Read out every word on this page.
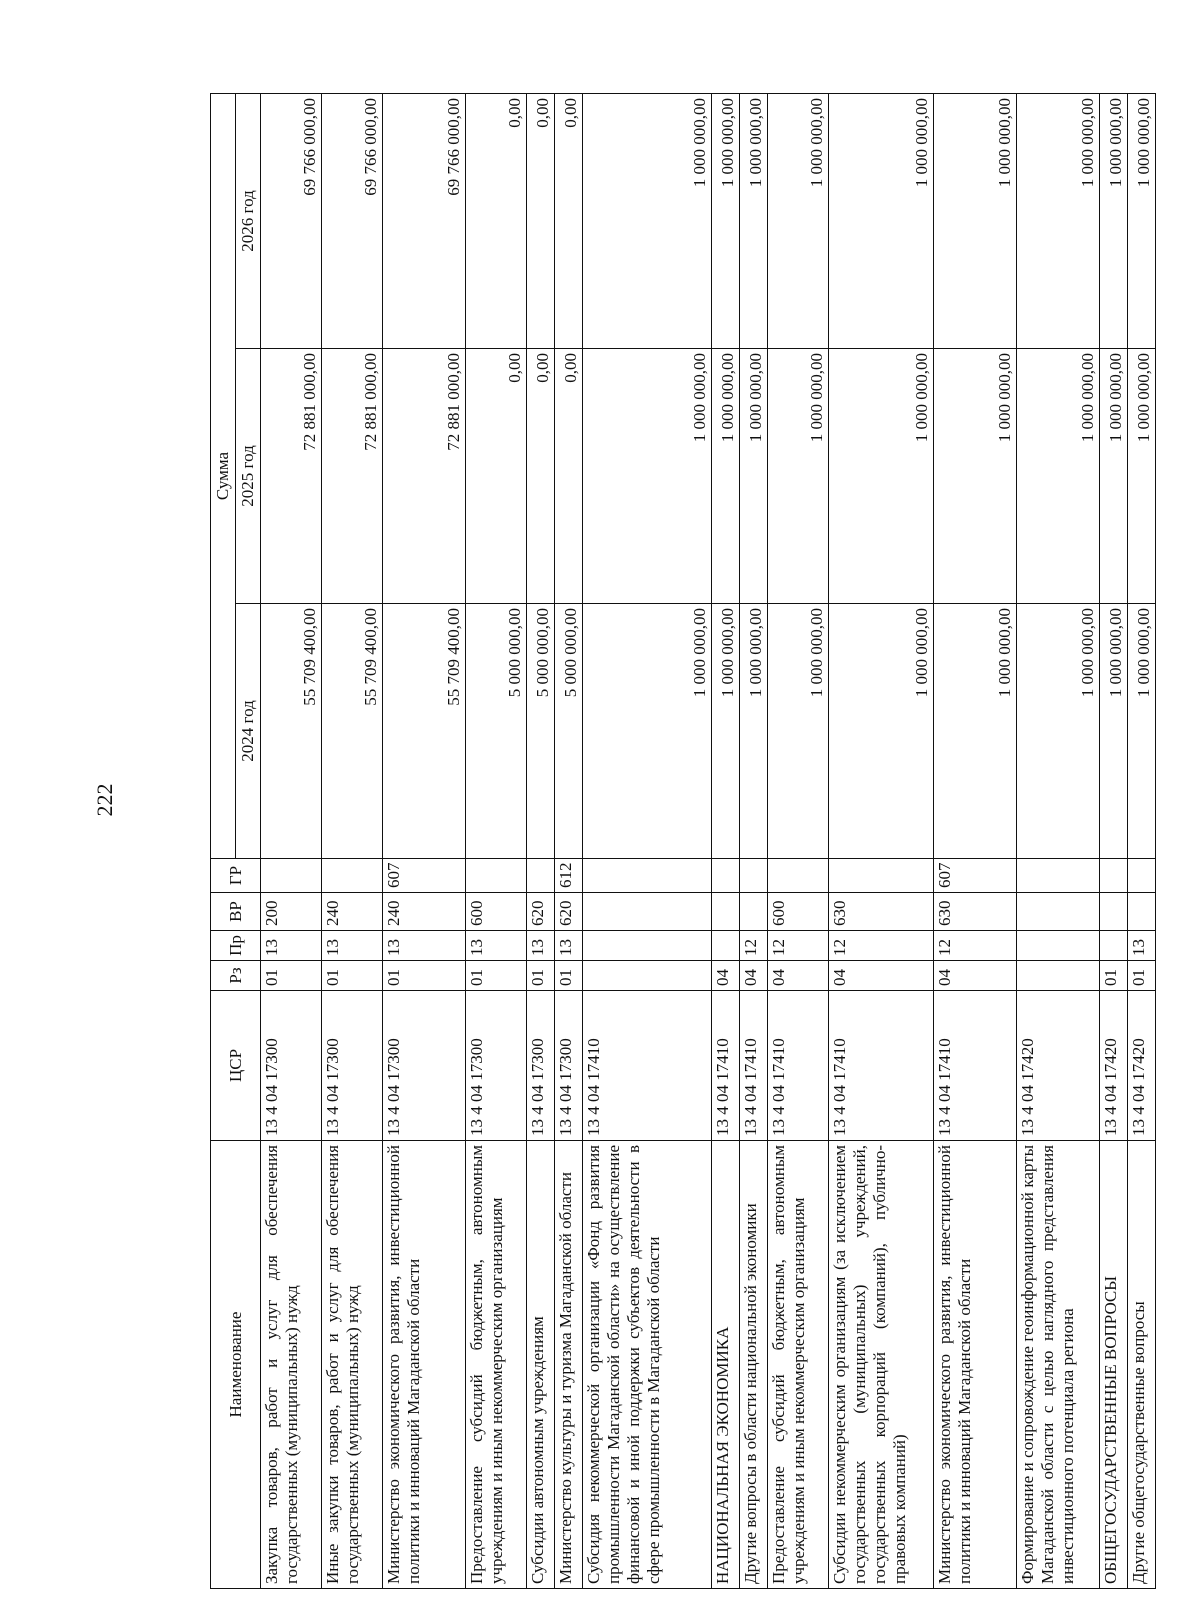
222
Наименование	ЦСР	Рз	Пр	ВР	ГР	Сумма		
						2024 год	2025 год	2026 год
Закупка товаров, работ и услуг для обеспечения государственных (муниципальных) нужд	13 4 04 17300	01	13	200		55 709 400,00	72 881 000,00	69 766 000,00
Иные закупки товаров, работ и услуг для обеспечения государственных (муниципальных) нужд	13 4 04 17300	01	13	240		55 709 400,00	72 881 000,00	69 766 000,00
Министерство экономического развития, инвестиционной политики и инноваций Магаданской области	13 4 04 17300	01	13	240	607	55 709 400,00	72 881 000,00	69 766 000,00
Предоставление субсидий бюджетным, автономным учреждениям и иным некоммерческим организациям	13 4 04 17300	01	13	600		5 000 000,00	0,00	0,00
Субсидии автономным учреждениям	13 4 04 17300	01	13	620		5 000 000,00	0,00	0,00
Министерство культуры и туризма Магаданской области	13 4 04 17300	01	13	620	612	5 000 000,00	0,00	0,00
Субсидия некоммерческой организации «Фонд развития промышленности Магаданской области» на осуществление финансовой и иной поддержки субъектов деятельности в сфере промышленности в Магаданской области	13 4 04 17410					1 000 000,00	1 000 000,00	1 000 000,00
НАЦИОНАЛЬНАЯ ЭКОНОМИКА	13 4 04 17410	04				1 000 000,00	1 000 000,00	1 000 000,00
Другие вопросы в области национальной экономики	13 4 04 17410	04	12			1 000 000,00	1 000 000,00	1 000 000,00
Предоставление субсидий бюджетным, автономным учреждениям и иным некоммерческим организациям	13 4 04 17410	04	12	600		1 000 000,00	1 000 000,00	1 000 000,00
Субсидии некоммерческим организациям (за исключением государственных (муниципальных) учреждений, государственных корпораций (компаний), публично-правовых компаний)	13 4 04 17410	04	12	630		1 000 000,00	1 000 000,00	1 000 000,00
Министерство экономического развития, инвестиционной политики и инноваций Магаданской области	13 4 04 17410	04	12	630	607	1 000 000,00	1 000 000,00	1 000 000,00
Формирование и сопровождение геоинформационной карты Магаданской области с целью наглядного представления инвестиционного потенциала региона	13 4 04 17420					1 000 000,00	1 000 000,00	1 000 000,00
ОБЩЕГОСУДАРСТВЕННЫЕ ВОПРОСЫ	13 4 04 17420	01				1 000 000,00	1 000 000,00	1 000 000,00
Другие общегосударственные вопросы	13 4 04 17420	01	13			1 000 000,00	1 000 000,00	1 000 000,00
